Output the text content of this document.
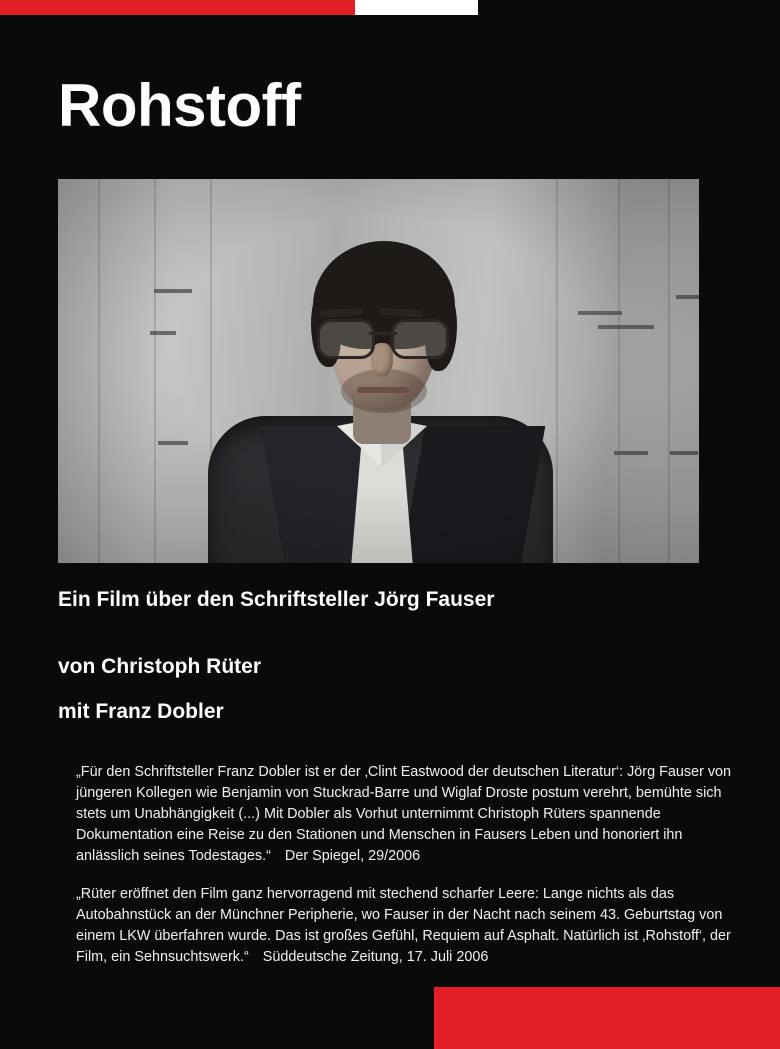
Rohstoff
Ein Film über den Schriftsteller Jörg Fauser
von Christoph Rüter
mit Franz Dobler
„Für den Schriftsteller Franz Dobler ist er der ‚Clint Eastwood der deutschen Literatur‘: Jörg Fauser von jüngeren Kollegen wie Benjamin von Stuckrad-Barre und Wiglaf Droste postum verehrt, bemühte sich stets um Unabhängigkeit (...) Mit Dobler als Vorhut unternimmt Christoph Rüters spannende Dokumentation eine Reise zu den Stationen und Menschen in Fausers Leben und honoriert ihn anlässlich seines Todestages.“ Der Spiegel, 29/2006
„Rüter eröffnet den Film ganz hervorragend mit stechend scharfer Leere: Lange nichts als das Autobahnstück an der Münchner Peripherie, wo Fauser in der Nacht nach seinem 43. Geburtstag von einem LKW überfahren wurde. Das ist großes Gefühl, Requiem auf Asphalt. Natürlich ist ‚Rohstoff‘, der Film, ein Sehnsuchtswerk.“ Süddeutsche Zeitung, 17. Juli 2006
